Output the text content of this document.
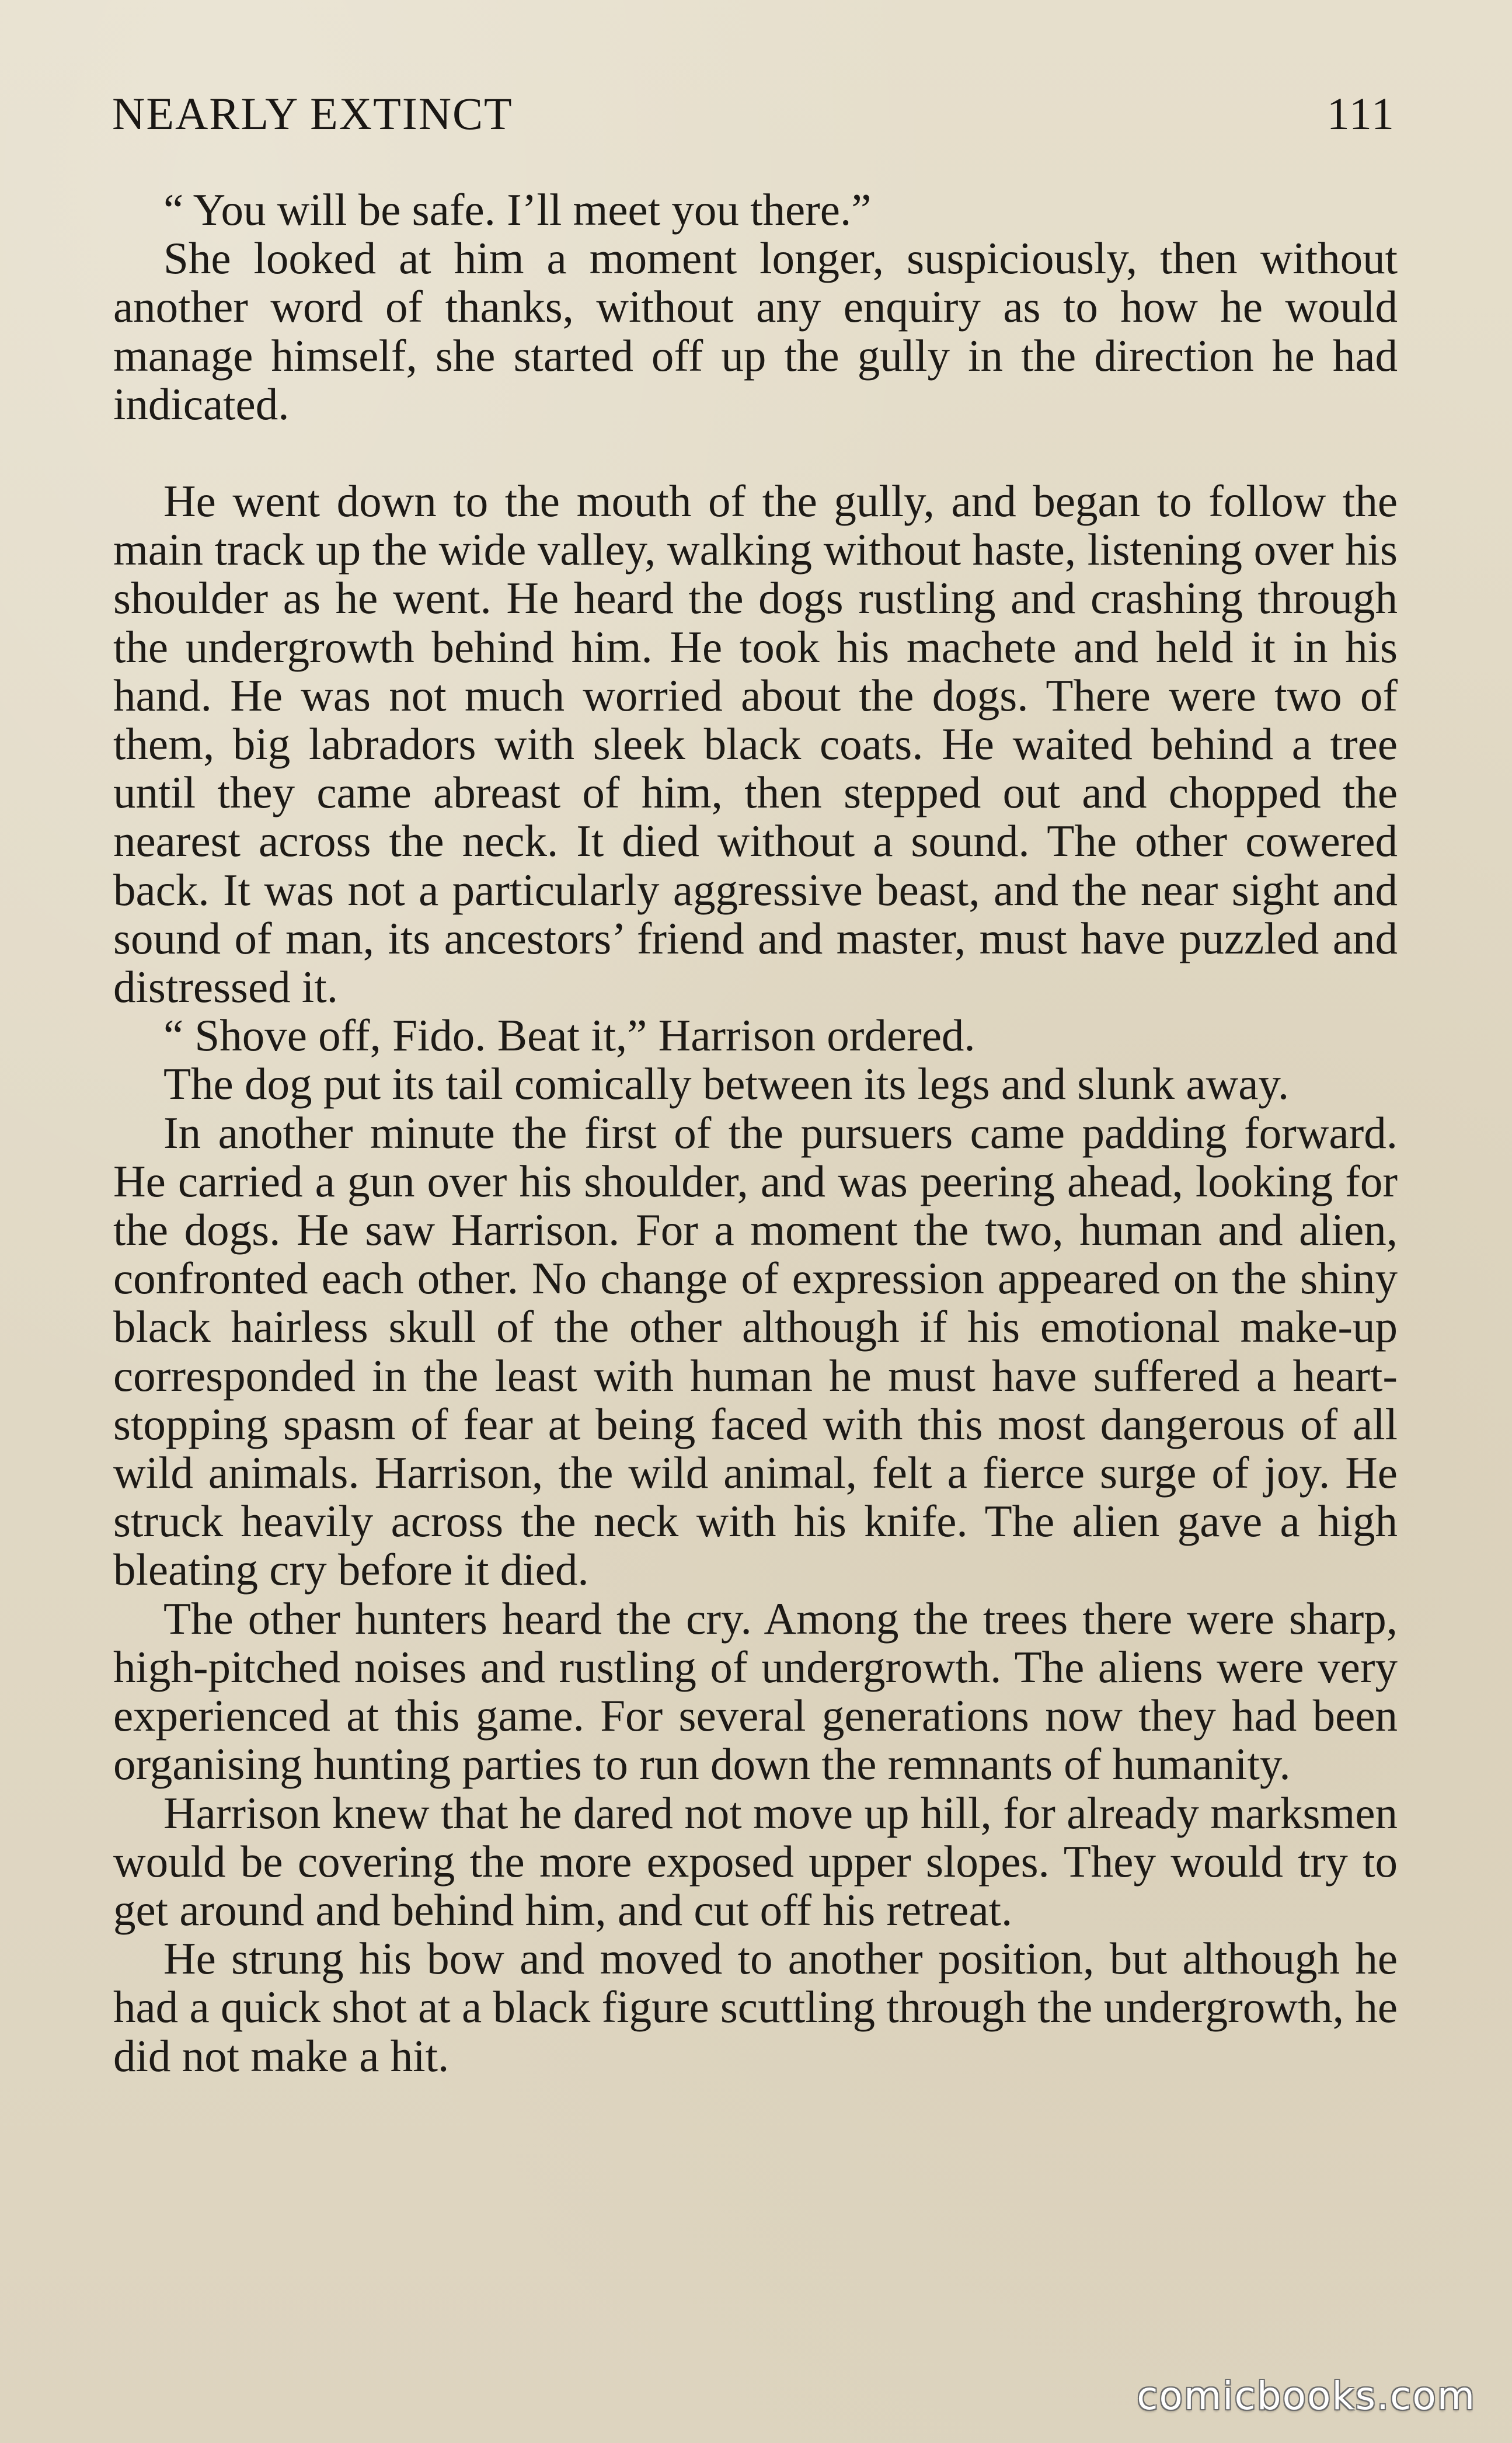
NEARLY EXTINCT	111

“ You will be safe. I’ll meet you there.”

She looked at him a moment longer, suspiciously, then without another word of thanks, without any enquiry as to how he would manage himself, she started off up the gully in the direction he had indicated.

He went down to the mouth of the gully, and began to follow the main track up the wide valley, walking without haste, listening over his shoulder as he went. He heard the dogs rustling and crashing through the undergrowth behind him. He took his machete and held it in his hand. He was not much worried about the dogs. There were two of them, big labradors with sleek black coats. He waited behind a tree until they came abreast of him, then stepped out and chopped the nearest across the neck. It died without a sound. The other cowered back. It was not a particularly aggressive beast, and the near sight and sound of man, its ancestors’ friend and master, must have puzzled and distressed it.

“ Shove off, Fido. Beat it,” Harrison ordered.

The dog put its tail comically between its legs and slunk away.

In another minute the first of the pursuers came padding forward. He carried a gun over his shoulder, and was peering ahead, looking for the dogs. He saw Harrison. For a moment the two, human and alien, confronted each other. No change of expression appeared on the shiny black hairless skull of the other although if his emotional make-up corresponded in the least with human he must have suffered a heart-stopping spasm of fear at being faced with this most dangerous of all wild animals. Harrison, the wild animal, felt a fierce surge of joy. He struck heavily across the neck with his knife. The alien gave a high bleating cry before it died.

The other hunters heard the cry. Among the trees there were sharp, high-pitched noises and rustling of undergrowth. The aliens were very experienced at this game. For several generations now they had been organising hunting parties to run down the remnants of humanity.

Harrison knew that he dared not move up hill, for already marksmen would be covering the more exposed upper slopes. They would try to get around and behind him, and cut off his retreat.

He strung his bow and moved to another position, but although he had a quick shot at a black figure scuttling through the undergrowth, he did not make a hit.

comicbooks.com
